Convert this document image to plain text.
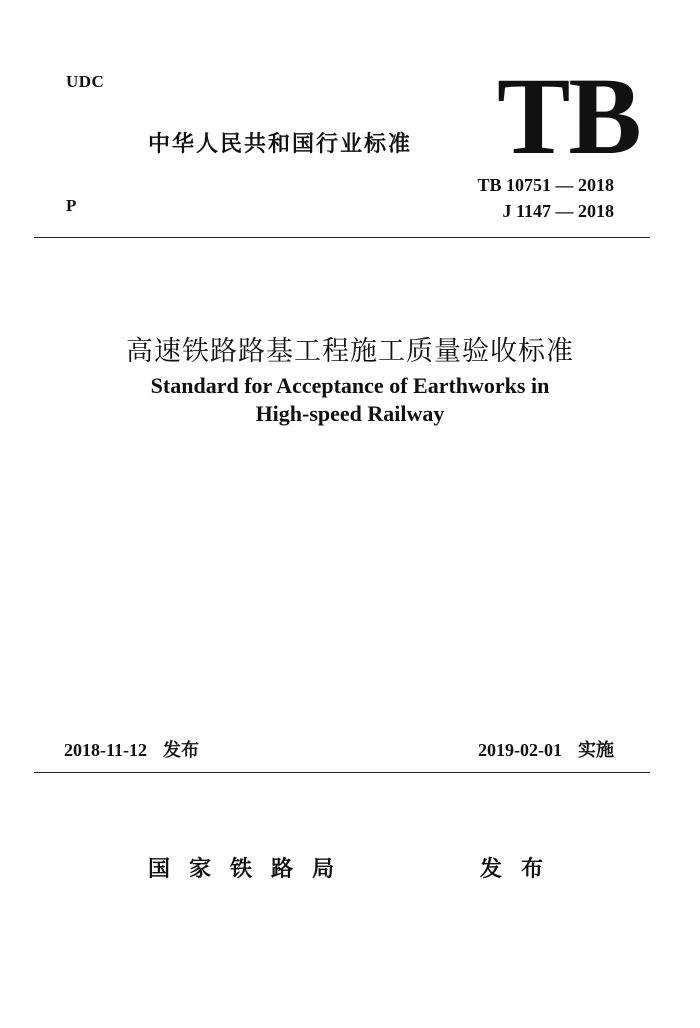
UDC
中华人民共和国行业标准 TB
P
TB 10751 — 2018
J 1147 — 2018
高速铁路路基工程施工质量验收标准
Standard for Acceptance of Earthworks in
High-speed Railway
2018-11-12 发布	2019-02-01 实施
国家铁路局	发布
